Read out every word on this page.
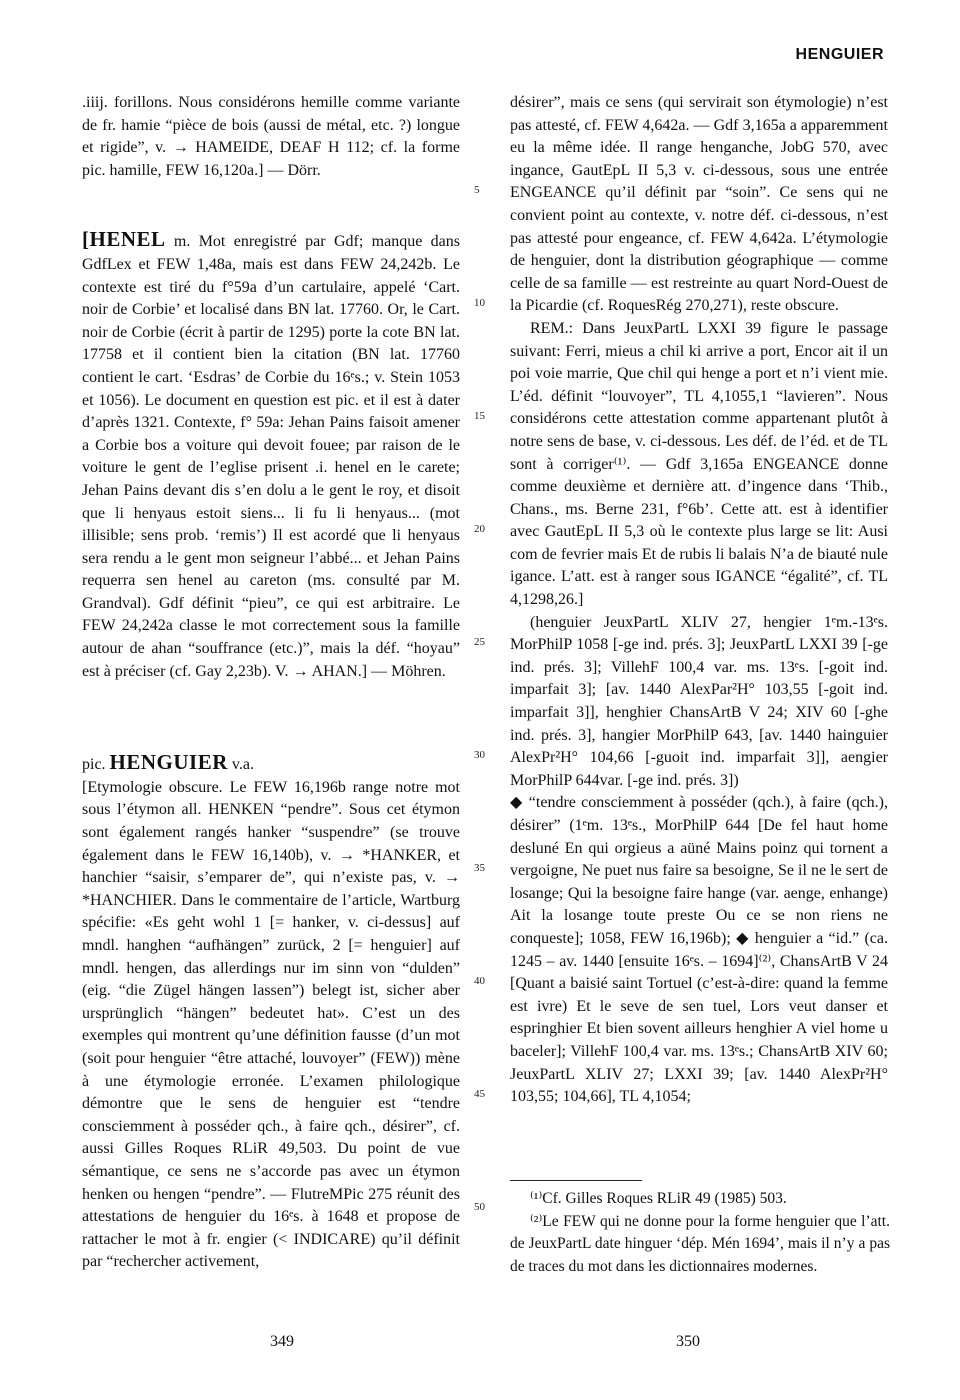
HENGUIER

.iiij. forillons. Nous considérons hemille comme variante de fr. hamie “pièce de bois (aussi de métal, etc. ?) longue et rigide”, v. → HAMEIDE, DEAF H 112; cf. la forme pic. hamille, FEW 16,120a.] — Dörr.

[HENEL m. Mot enregistré par Gdf; manque dans GdfLex et FEW 1,48a, mais est dans FEW 24,242b. Le contexte est tiré du f°59a d’un cartulaire, appelé ‘Cart. noir de Corbie’ et localisé dans BN lat. 17760. Or, le Cart. noir de Corbie (écrit à partir de 1295) porte la cote BN lat. 17758 et il contient bien la citation (BN lat. 17760 contient le cart. ‘Esdras’ de Corbie du 16ᵉs.; v. Stein 1053 et 1056). Le document en question est pic. et il est à dater d’après 1321. Contexte, f° 59a: Jehan Pains faisoit amener a Corbie bos a voiture qui devoit fouee; par raison de le voiture le gent de l’eglise prisent .i. henel en le carete; Jehan Pains devant dis s’en dolu a le gent le roy, et disoit que li henyaus estoit siens... li fu li henyaus... (mot illisible; sens prob. ‘remis’) Il est acordé que li henyaus sera rendu a le gent mon seigneur l’abbé... et Jehan Pains requerra sen henel au careton (ms. consulté par M. Grandval). Gdf définit “pieu”, ce qui est arbitraire. Le FEW 24,242a classe le mot correctement sous la famille autour de ahan “souffrance (etc.)”, mais la déf. “hoyau” est à préciser (cf. Gay 2,23b). V. → AHAN.] — Möhren.

pic. HENGUIER v.a.

[Etymologie obscure. Le FEW 16,196b range notre mot sous l’étymon all. HENKEN “pendre”. Sous cet étymon sont également rangés hanker “suspendre” (se trouve également dans le FEW 16,140b), v. → *HANKER, et hanchier “saisir, s’emparer de”, qui n’existe pas, v. → *HANCHIER. Dans le commentaire de l’article, Wartburg spécifie: «Es geht wohl 1 [= hanker, v. ci-dessus] auf mndl. hanghen “aufhängen” zurück, 2 [= henguier] auf mndl. hengen, das allerdings nur im sinn von “dulden” (eig. “die Zügel hängen lassen”) belegt ist, sicher aber ursprünglich “hängen” bedeutet hat». C’est un des exemples qui montrent qu’une définition fausse (d’un mot (soit pour henguier “être attaché, louvoyer” (FEW)) mène à une étymologie erronée. L’examen philologique démontre que le sens de henguier est “tendre consciemment à posséder qch., à faire qch., désirer”, cf. aussi Gilles Roques RLiR 49,503. Du point de vue sémantique, ce sens ne s’accorde pas avec un étymon henken ou hengen “pendre”. — FlutreMPic 275 réunit des attestations de henguier du 16ᵉs. à 1648 et propose de rattacher le mot à fr. engier (< INDICARE) qu’il définit par “rechercher activement,

5
10
15
20
25
30
35
40
45
50

désirer”, mais ce sens (qui servirait son étymologie) n’est pas attesté, cf. FEW 4,642a. — Gdf 3,165a a apparemment eu la même idée. Il range henganche, JobG 570, avec ingance, GautEpL II 5,3 v. ci-dessous, sous une entrée ENGEANCE qu’il définit par “soin”. Ce sens qui ne convient point au contexte, v. notre déf. ci-dessous, n’est pas attesté pour engeance, cf. FEW 4,642a. L’étymologie de henguier, dont la distribution géographique — comme celle de sa famille — est restreinte au quart Nord-Ouest de la Picardie (cf. RoquesRég 270,271), reste obscure.

REM.: Dans JeuxPartL LXXI 39 figure le passage suivant: Ferri, mieus a chil ki arrive a port, Encor ait il un poi voie marrie, Que chil qui henge a port et n’i vient mie. L’éd. définit “louvoyer”, TL 4,1055,1 “lavieren”. Nous considérons cette attestation comme appartenant plutôt à notre sens de base, v. ci-dessous. Les déf. de l’éd. et de TL sont à corriger⁽¹⁾. — Gdf 3,165a ENGEANCE donne comme deuxième et dernière att. d’ingence dans ‘Thib., Chans., ms. Berne 231, f°6b’. Cette att. est à identifier avec GautEpL II 5,3 où le contexte plus large se lit: Ausi com de fevrier mais Et de rubis li balais N’a de biauté nule igance. L’att. est à ranger sous IGANCE “égalité”, cf. TL 4,1298,26.]

(henguier JeuxPartL XLIV 27, hengier 1ᵉm.-13ᵉs. MorPhilP 1058 [-ge ind. prés. 3]; JeuxPartL LXXI 39 [-ge ind. prés. 3]; VillehF 100,4 var. ms. 13ᵉs. [-goit ind. imparfait 3]; [av. 1440 AlexPar²H° 103,55 [-goit ind. imparfait 3]], henghier ChansArtB V 24; XIV 60 [-ghe ind. prés. 3], hangier MorPhilP 643, [av. 1440 hainguier AlexPr²H° 104,66 [-guoit ind. imparfait 3]], aengier MorPhilP 644var. [-ge ind. prés. 3])

◆ “tendre consciemment à posséder (qch.), à faire (qch.), désirer” (1ᵉm. 13ᵉs., MorPhilP 644 [De fel haut home desluné En qui orgieus a aüné Mains poinz qui tornent a vergoigne, Ne puet nus faire sa besoigne, Se il ne le sert de losange; Qui la besoigne faire hange (var. aenge, enhange) Ait la losange toute preste Ou ce se non riens ne conqueste]; 1058, FEW 16,196b); ◆ henguier a “id.” (ca. 1245 – av. 1440 [ensuite 16ᵉs. – 1694]⁽²⁾, ChansArtB V 24 [Quant a baisié saint Tortuel (c’est-à-dire: quand la femme est ivre) Et le seve de sen tuel, Lors veut danser et espringhier Et bien sovent ailleurs henghier A viel home u baceler]; VillehF 100,4 var. ms. 13ᵉs.; ChansArtB XIV 60; JeuxPartL XLIV 27; LXXI 39; [av. 1440 AlexPr²H° 103,55; 104,66], TL 4,1054;

⁽¹⁾Cf. Gilles Roques RLiR 49 (1985) 503.

⁽²⁾Le FEW qui ne donne pour la forme henguier que l’att. de JeuxPartL date hinguer ‘dép. Mén 1694’, mais il n’y a pas de traces du mot dans les dictionnaires modernes.

349	350
